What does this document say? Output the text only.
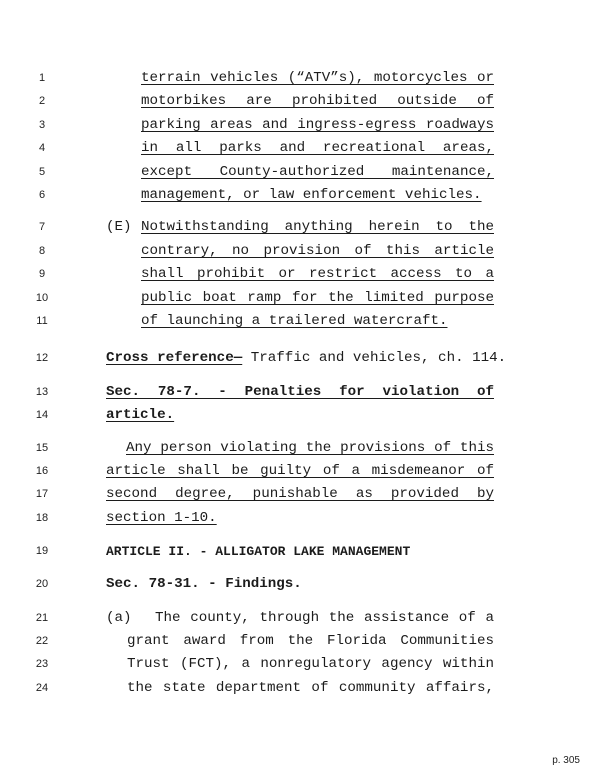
1
2
3
4
5
6
7
8
9
10
11
12
13
14
15
16
17
18
19
20
21
22
23
24
terrain vehicles (“ATV”s), motorcycles or
motorbikes are prohibited outside of
parking areas and ingress-egress roadways
in all parks and recreational areas,
except County-authorized maintenance,
management, or law enforcement vehicles.
(E) Notwithstanding anything herein to the
contrary, no provision of this article
shall prohibit or restrict access to a
public boat ramp for the limited purpose
of launching a trailered watercraft.
Cross reference— Traffic and vehicles, ch. 114.
Sec. 78-7. - Penalties for violation of
article.
Any person violating the provisions of this
article shall be guilty of a misdemeanor of
second degree, punishable as provided by
section 1-10.
ARTICLE II. - ALLIGATOR LAKE MANAGEMENT
Sec. 78-31. - Findings.
(a) The county, through the assistance of a
grant award from the Florida Communities
Trust (FCT), a nonregulatory agency within
the state department of community affairs,
p. 305
